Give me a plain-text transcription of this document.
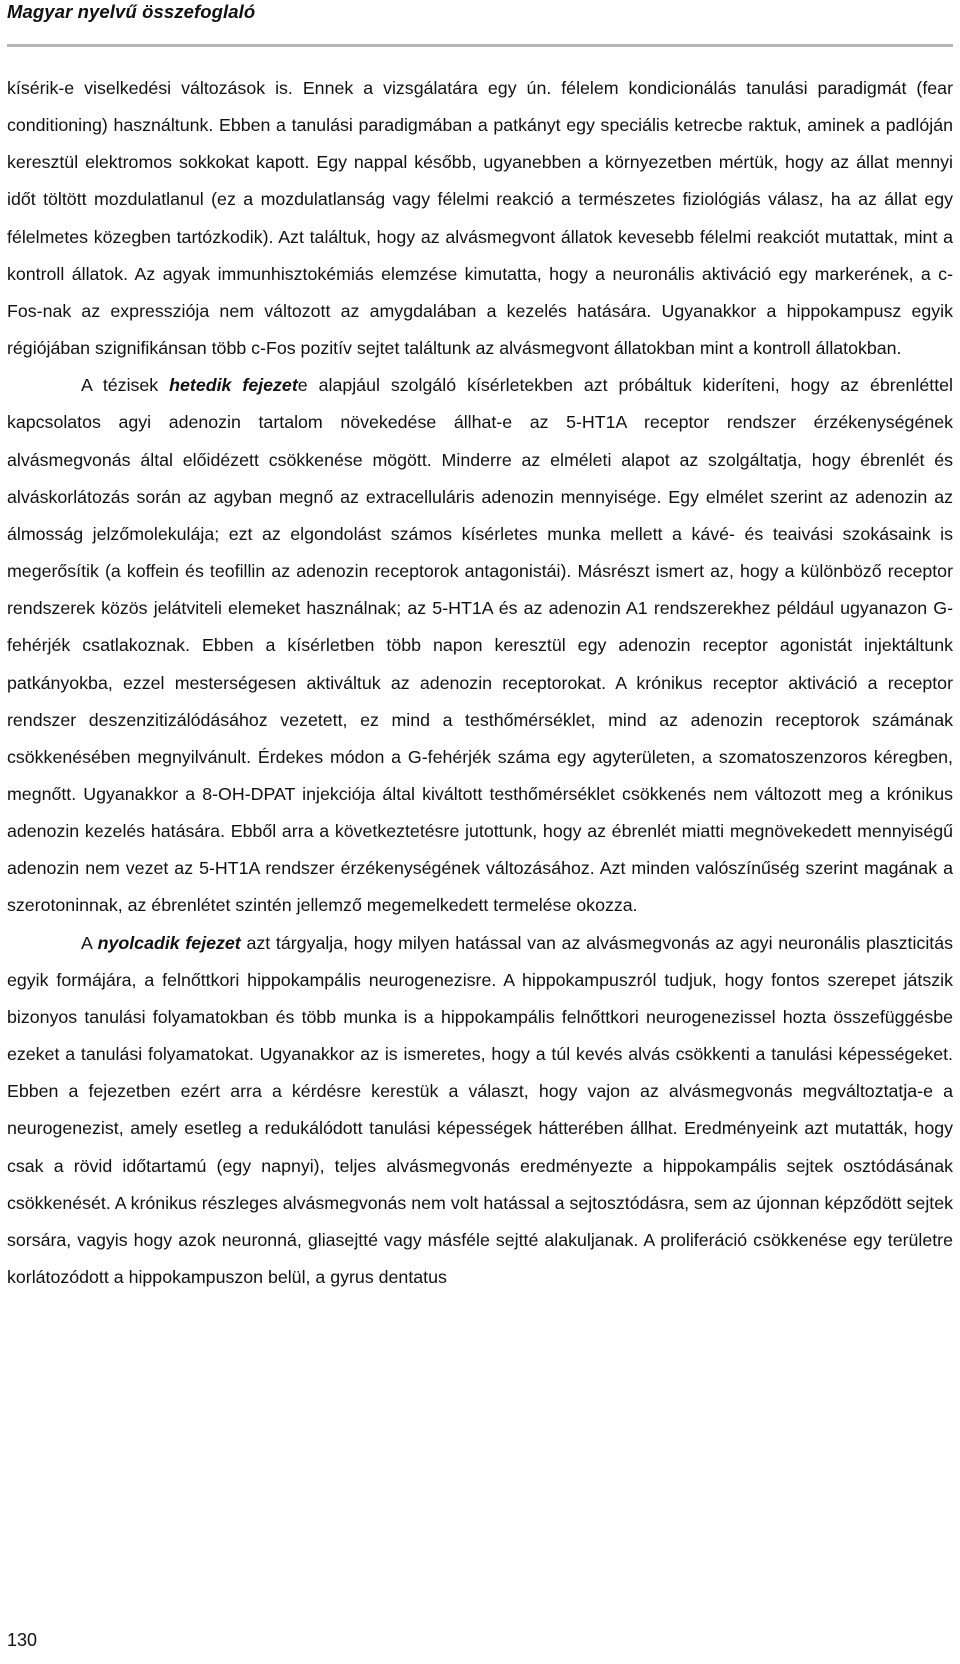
Magyar nyelvű összefoglaló

kísérik-e viselkedési változások is. Ennek a vizsgálatára egy ún. félelem kondicionálás tanulási paradigmát (fear conditioning) használtunk. Ebben a tanulási paradigmában a patkányt egy speciális ketrecbe raktuk, aminek a padlóján keresztül elektromos sokkokat kapott. Egy nappal később, ugyanebben a környezetben mértük, hogy az állat mennyi időt töltött mozdulatlanul (ez a mozdulatlanság vagy félelmi reakció a természetes fiziológiás válasz, ha az állat egy félelmetes közegben tartózkodik). Azt találtuk, hogy az alvásmegvont állatok kevesebb félelmi reakciót mutattak, mint a kontroll állatok. Az agyak immunhisztokémiás elemzése kimutatta, hogy a neuronális aktiváció egy markerének, a c-Fos-nak az expressziója nem változott az amygdalában a kezelés hatására. Ugyanakkor a hippokampusz egyik régiójában szignifikánsan több c-Fos pozitív sejtet találtunk az alvásmegvont állatokban mint a kontroll állatokban.

A tézisek hetedik fejezete alapjául szolgáló kísérletekben azt próbáltuk kideríteni, hogy az ébrenléttel kapcsolatos agyi adenozin tartalom növekedése állhat-e az 5-HT1A receptor rendszer érzékenységének alvásmegvonás által előidézett csökkenése mögött. Minderre az elméleti alapot az szolgáltatja, hogy ébrenlét és alváskorlátozás során az agyban megnő az extracelluláris adenozin mennyisége. Egy elmélet szerint az adenozin az álmosság jelzőmolekulája; ezt az elgondolást számos kísérletes munka mellett a kávé- és teaivási szokásaink is megerősítik (a koffein és teofillin az adenozin receptorok antagonistái). Másrészt ismert az, hogy a különböző receptor rendszerek közös jelátviteli elemeket használnak; az 5-HT1A és az adenozin A1 rendszerekhez például ugyanazon G-fehérjék csatlakoznak. Ebben a kísérletben több napon keresztül egy adenozin receptor agonistát injektáltunk patkányokba, ezzel mesterségesen aktiváltuk az adenozin receptorokat. A krónikus receptor aktiváció a receptor rendszer deszenzitizálódásához vezetett, ez mind a testhőmérséklet, mind az adenozin receptorok számának csökkenésében megnyilvánult. Érdekes módon a G-fehérjék száma egy agyterületen, a szomatoszenzoros kéregben, megnőtt. Ugyanakkor a 8-OH-DPAT injekciója által kiváltott testhőmérséklet csökkenés nem változott meg a krónikus adenozin kezelés hatására. Ebből arra a következtetésre jutottunk, hogy az ébrenlét miatti megnövekedett mennyiségű adenozin nem vezet az 5-HT1A rendszer érzékenységének változásához. Azt minden valószínűség szerint magának a szerotoninnak, az ébrenlétet szintén jellemző megemelkedett termelése okozza.

A nyolcadik fejezet azt tárgyalja, hogy milyen hatással van az alvásmegvonás az agyi neuronális plaszticitás egyik formájára, a felnőttkori hippokampális neurogenezisre. A hippokampuszról tudjuk, hogy fontos szerepet játszik bizonyos tanulási folyamatokban és több munka is a hippokampális felnőttkori neurogenezissel hozta összefüggésbe ezeket a tanulási folyamatokat. Ugyanakkor az is ismeretes, hogy a túl kevés alvás csökkenti a tanulási képességeket. Ebben a fejezetben ezért arra a kérdésre kerestük a választ, hogy vajon az alvásmegvonás megváltoztatja-e a neurogenezist, amely esetleg a redukálódott tanulási képességek hátterében állhat. Eredményeink azt mutatták, hogy csak a rövid időtartamú (egy napnyi), teljes alvásmegvonás eredményezte a hippokampális sejtek osztódásának csökkenését. A krónikus részleges alvásmegvonás nem volt hatással a sejtosztódásra, sem az újonnan képződött sejtek sorsára, vagyis hogy azok neuronná, gliasejtté vagy másféle sejtté alakuljanak. A proliferáció csökkenése egy területre korlátozódott a hippokampuszon belül, a gyrus dentatus

130
